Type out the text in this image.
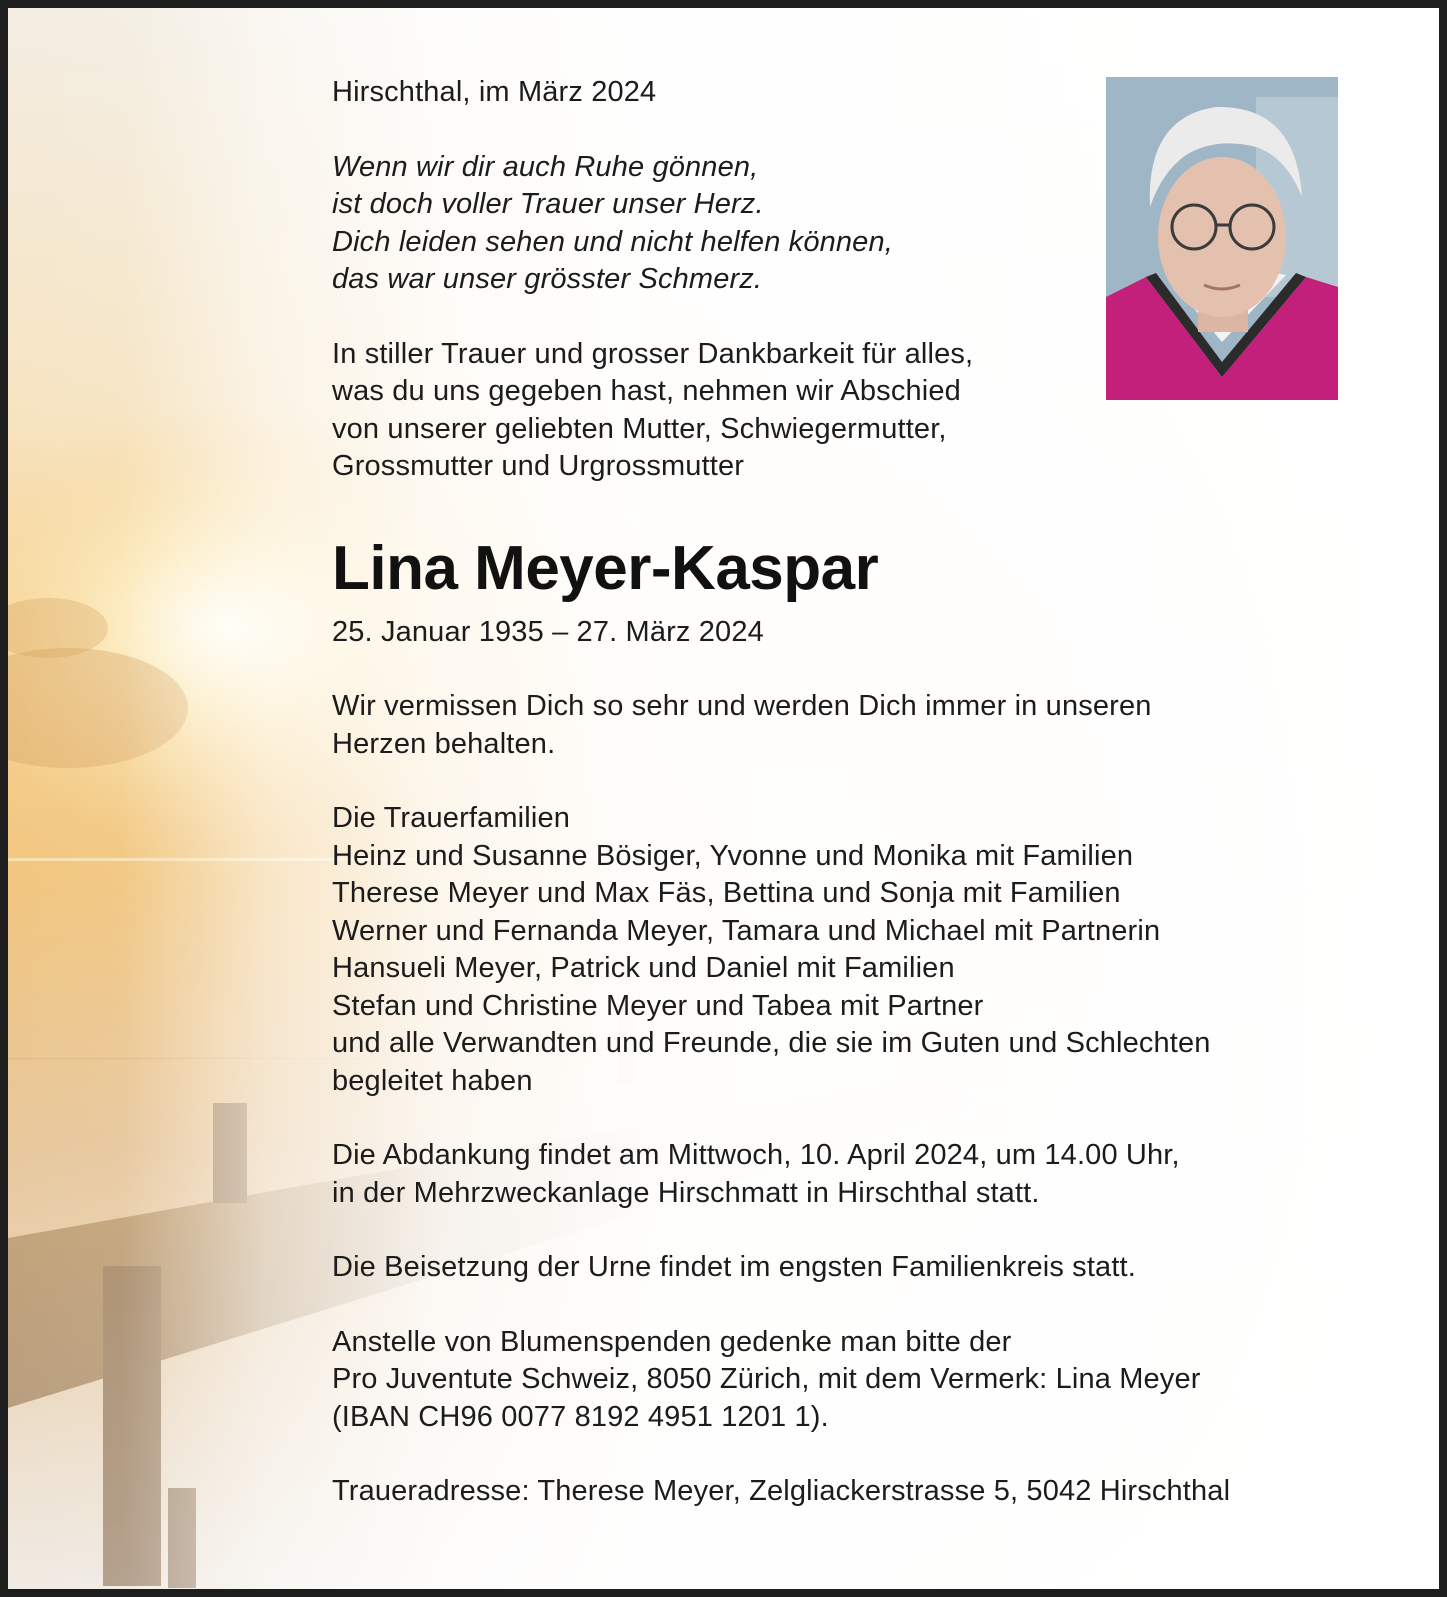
Hirschthal, im März 2024
Wenn wir dir auch Ruhe gönnen,
ist doch voller Trauer unser Herz.
Dich leiden sehen und nicht helfen können,
das war unser grösster Schmerz.
In stiller Trauer und grosser Dankbarkeit für alles,
was du uns gegeben hast, nehmen wir Abschied
von unserer geliebten Mutter, Schwiegermutter,
Grossmutter und Urgrossmutter
Lina Meyer-Kaspar
25. Januar 1935 – 27. März 2024
Wir vermissen Dich so sehr und werden Dich immer in unseren
Herzen behalten.
Die Trauerfamilien
Heinz und Susanne Bösiger, Yvonne und Monika mit Familien
Therese Meyer und Max Fäs, Bettina und Sonja mit Familien
Werner und Fernanda Meyer, Tamara und Michael mit Partnerin
Hansueli Meyer, Patrick und Daniel mit Familien
Stefan und Christine Meyer und Tabea mit Partner
und alle Verwandten und Freunde, die sie im Guten und Schlechten
begleitet haben
Die Abdankung findet am Mittwoch, 10. April 2024, um 14.00 Uhr,
in der Mehrzweckanlage Hirschmatt in Hirschthal statt.
Die Beisetzung der Urne findet im engsten Familienkreis statt.
Anstelle von Blumenspenden gedenke man bitte der
Pro Juventute Schweiz, 8050 Zürich, mit dem Vermerk: Lina Meyer
(IBAN CH96 0077 8192 4951 1201 1).
Traueradresse: Therese Meyer, Zelgliackerstrasse 5, 5042 Hirschthal
